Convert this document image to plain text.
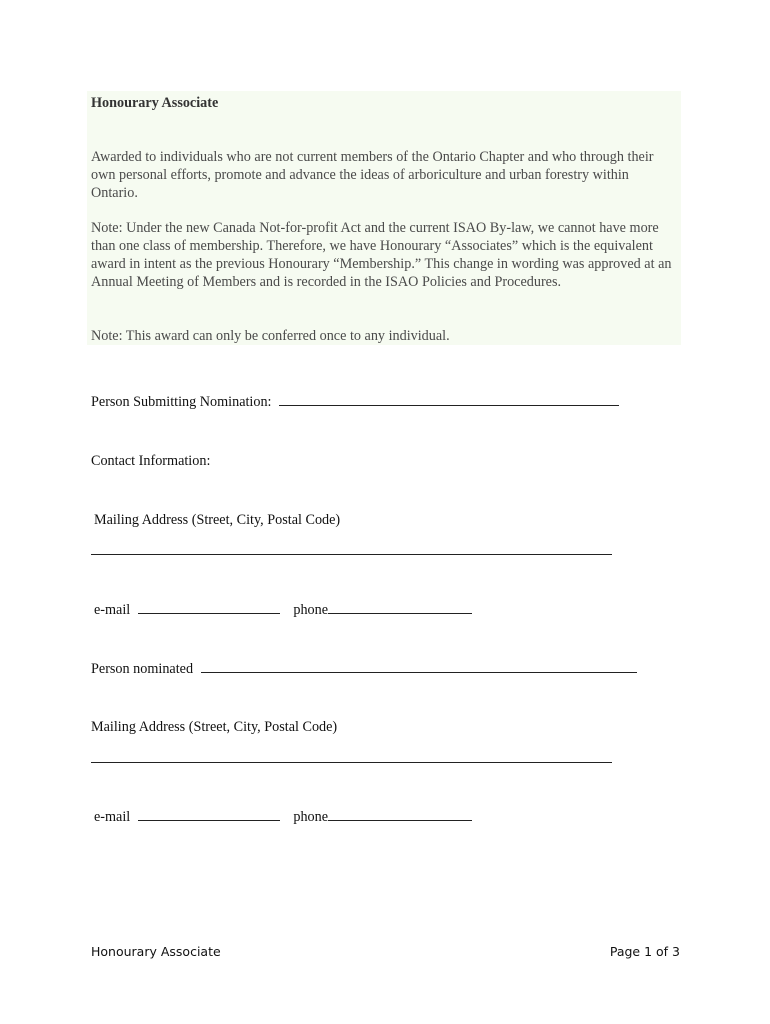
Honourary Associate
Awarded to individuals who are not current members of the Ontario Chapter and who through their own personal efforts, promote and advance the ideas of arboriculture and urban forestry within Ontario.
Note: Under the new Canada Not-for-profit Act and the current ISAO By-law, we cannot have more than one class of membership. Therefore, we have Honourary “Associates” which is the equivalent award in intent as the previous Honourary “Membership.” This change in wording was approved at an Annual Meeting of Members and is recorded in the ISAO Policies and Procedures.
Note: This award can only be conferred once to any individual.
Person Submitting Nomination:
Contact Information:
Mailing Address (Street, City, Postal Code)
e-mail	phone
Person nominated
Mailing Address (Street, City, Postal Code)
e-mail	phone
Honourary Associate	Page 1 of 3
